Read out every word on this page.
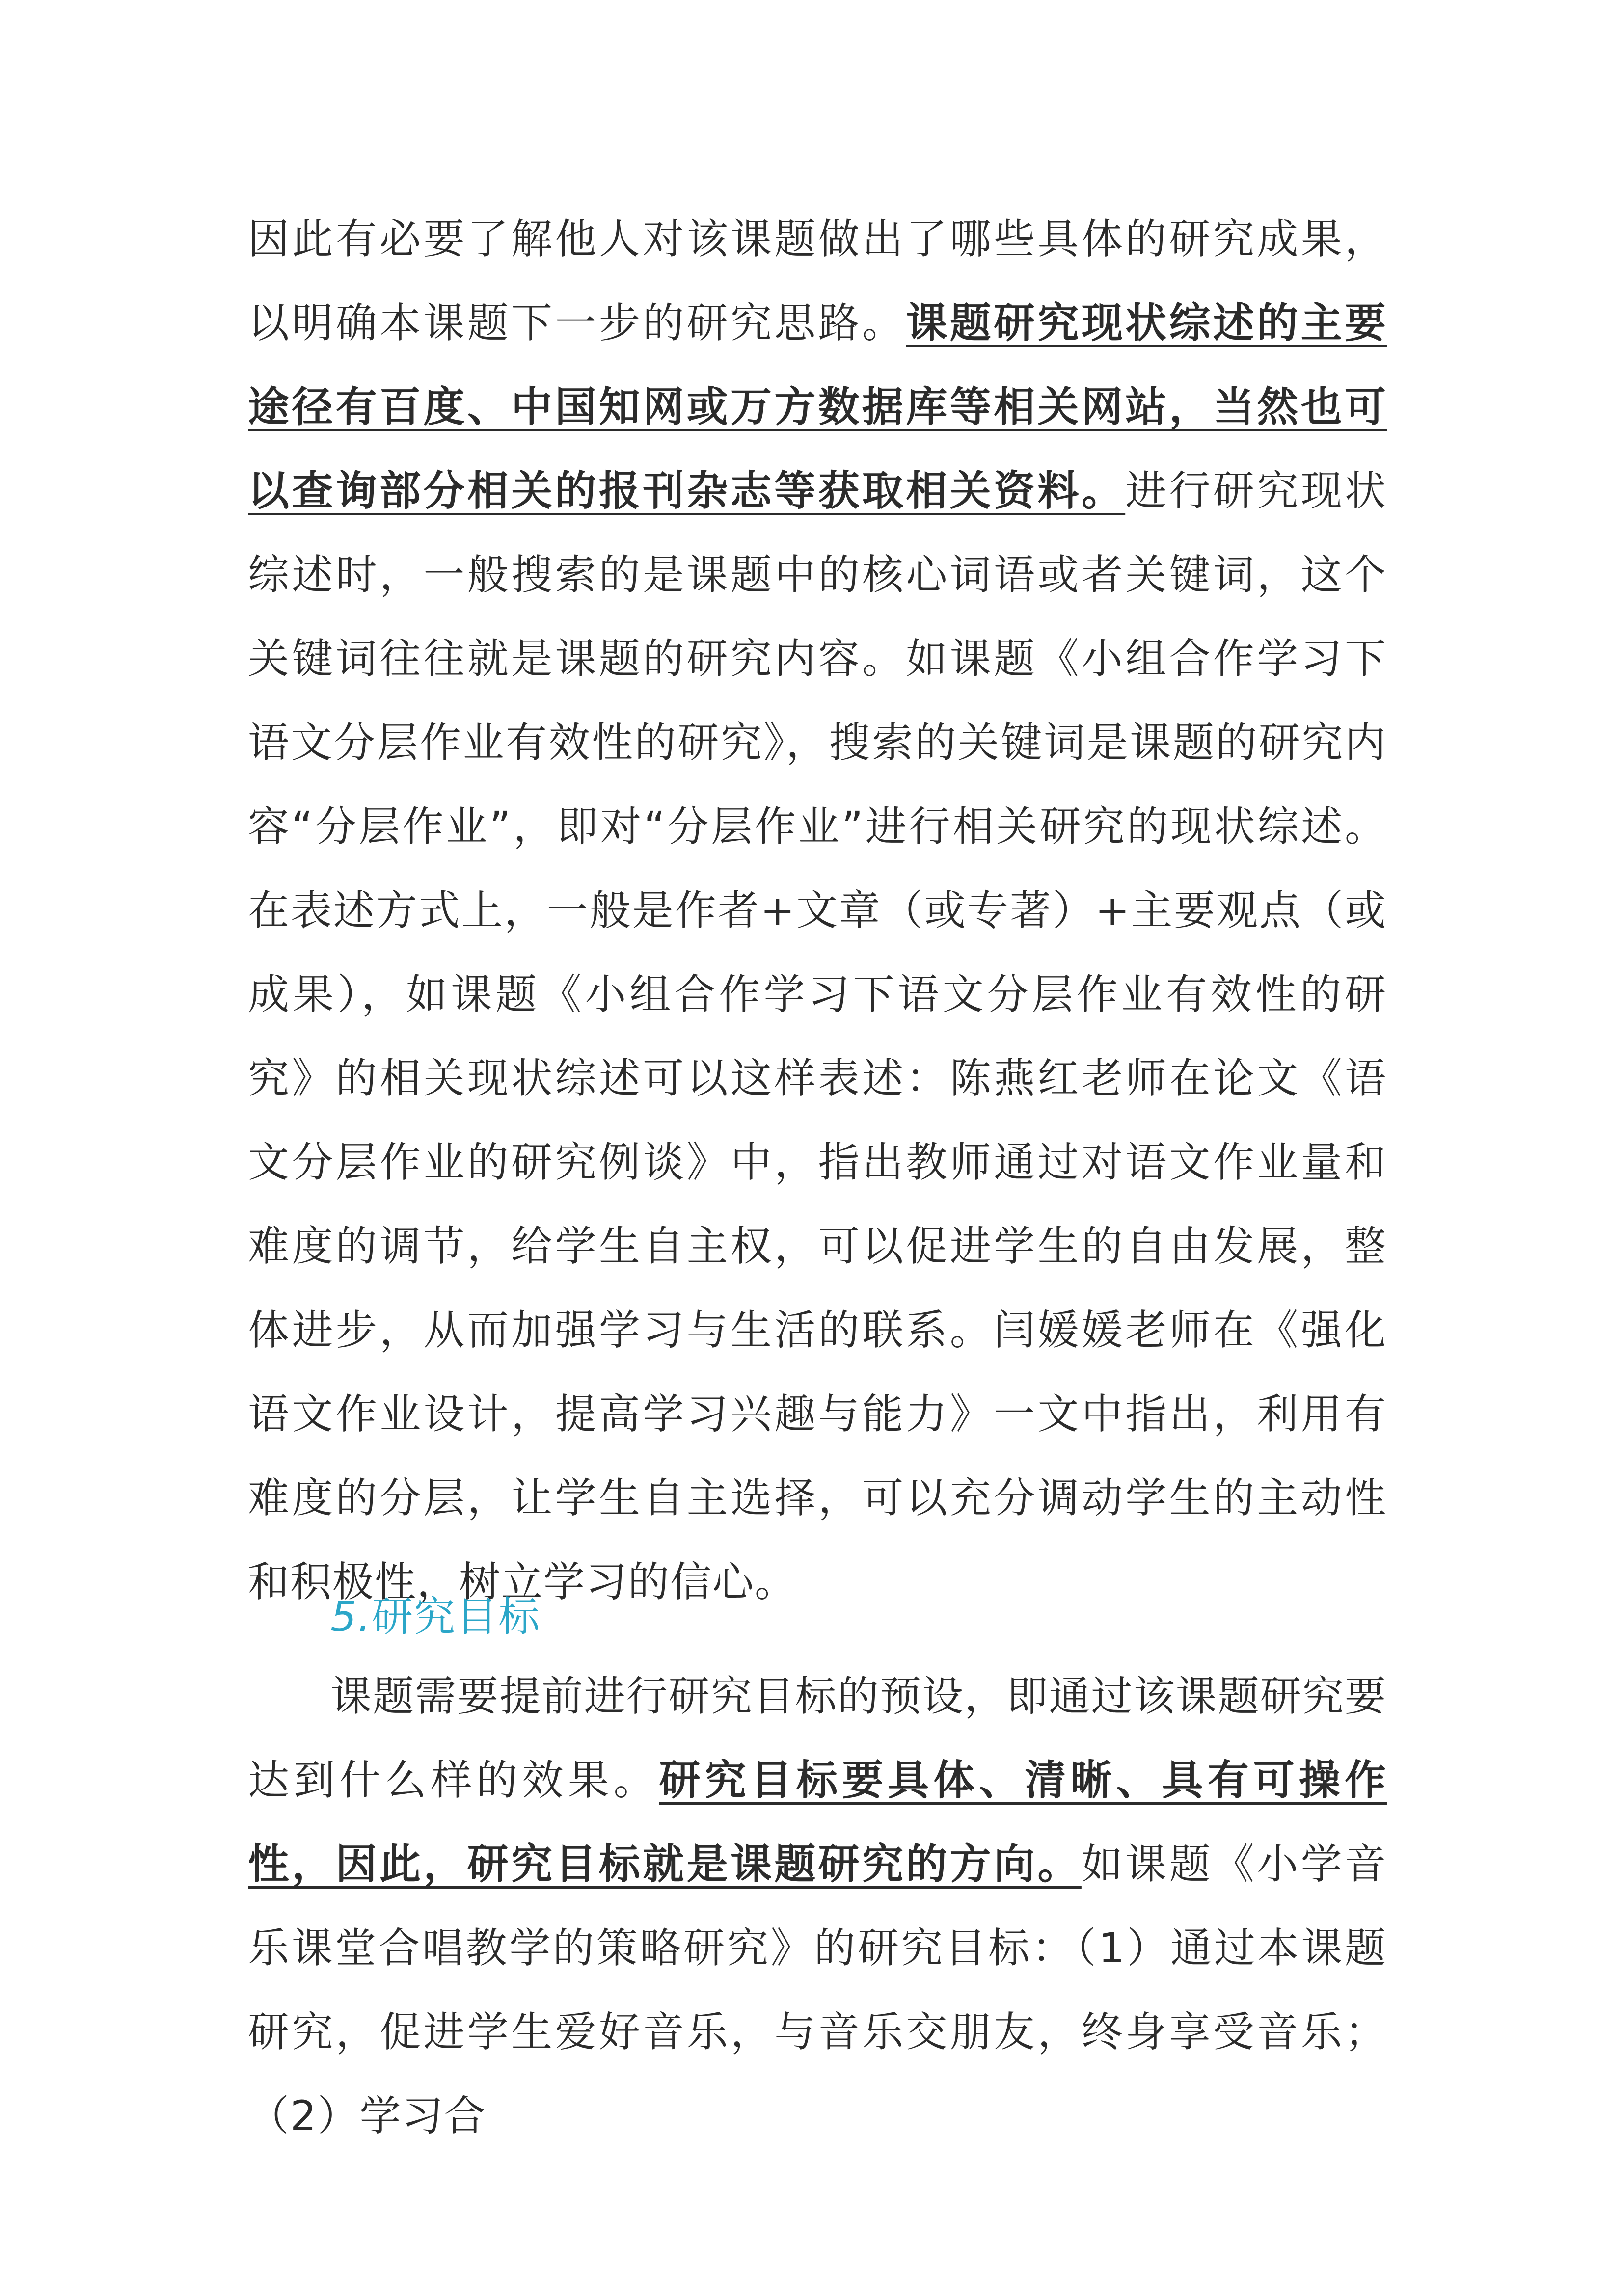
因此有必要了解他人对该课题做出了哪些具体的研究成果，以明确本课题下一步的研究思路。课题研究现状综述的主要途径有百度、中国知网或万方数据库等相关网站，当然也可以查询部分相关的报刊杂志等获取相关资料。进行研究现状综述时，一般搜索的是课题中的核心词语或者关键词，这个关键词往往就是课题的研究内容。如课题《小组合作学习下语文分层作业有效性的研究》，搜索的关键词是课题的研究内容“分层作业”，即对“分层作业”进行相关研究的现状综述。在表述方式上，一般是作者+文章（或专著）+主要观点（或成果），如课题《小组合作学习下语文分层作业有效性的研究》的相关现状综述可以这样表述：陈燕红老师在论文《语文分层作业的研究例谈》中，指出教师通过对语文作业量和难度的调节，给学生自主权，可以促进学生的自由发展，整体进步，从而加强学习与生活的联系。闫媛媛老师在《强化语文作业设计，提高学习兴趣与能力》一文中指出，利用有难度的分层，让学生自主选择，可以充分调动学生的主动性和积极性，树立学习的信心。

5.研究目标

课题需要提前进行研究目标的预设，即通过该课题研究要达到什么样的效果。研究目标要具体、清晰、具有可操作性，因此，研究目标就是课题研究的方向。如课题《小学音乐课堂合唱教学的策略研究》的研究目标：（1）通过本课题研究，促进学生爱好音乐，与音乐交朋友，终身享受音乐；（2）学习合
